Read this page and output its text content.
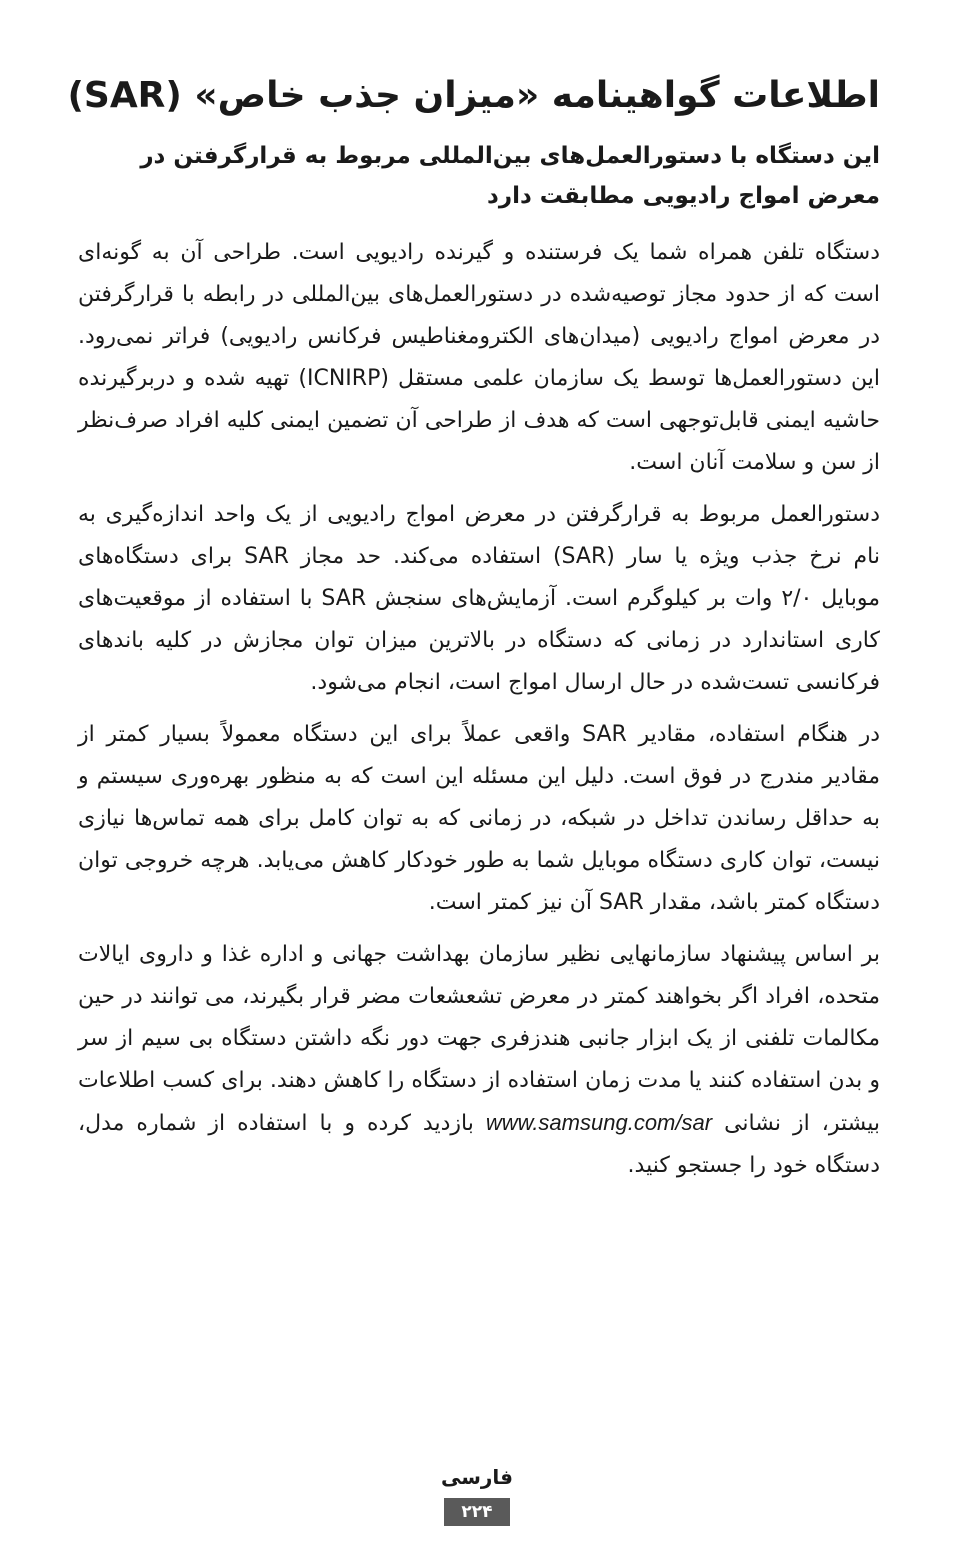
اطلاعات گواهینامه «میزان جذب خاص» (SAR)
این دستگاه با دستورالعمل‌های بین‌المللی مربوط به قرارگرفتن در معرض امواج رادیویی مطابقت دارد

دستگاه تلفن همراه شما یک فرستنده و گیرنده رادیویی است. طراحی آن به گونه‌ای است که از حدود مجاز توصیه‌شده در دستورالعمل‌های بین‌المللی در رابطه با قرارگرفتن در معرض امواج رادیویی (میدان‌های الکترومغناطیس فرکانس رادیویی) فراتر نمی‌رود. این دستورالعمل‌ها توسط یک سازمان علمی مستقل (ICNIRP) تهیه شده و دربرگیرنده حاشیه ایمنی قابل‌توجهی است که هدف از طراحی آن تضمین ایمنی کلیه افراد صرف‌نظر از سن و سلامت آنان است.

دستورالعمل مربوط به قرارگرفتن در معرض امواج رادیویی از یک واحد اندازه‌گیری به نام نرخ جذب ویژه یا سار (SAR) استفاده می‌کند. حد مجاز SAR برای دستگاه‌های موبایل ۲/۰ وات بر کیلوگرم است. آزمایش‌های سنجش SAR با استفاده از موقعیت‌های کاری استاندارد در زمانی که دستگاه در بالاترین میزان توان مجازش در کلیه باندهای فرکانسی تست‌شده در حال ارسال امواج است، انجام می‌شود.

در هنگام استفاده، مقادیر SAR واقعی عملاً برای این دستگاه معمولاً بسیار کمتر از مقادیر مندرج در فوق است. دلیل این مسئله این است که به منظور بهره‌وری سیستم و به حداقل رساندن تداخل در شبکه، در زمانی که به توان کامل برای همه تماس‌ها نیازی نیست، توان کاری دستگاه موبایل شما به طور خودکار کاهش می‌یابد. هرچه خروجی توان دستگاه کمتر باشد، مقدار SAR آن نیز کمتر است.

بر اساس پیشنهاد سازمانهایی نظیر سازمان بهداشت جهانی و اداره غذا و داروی ایالات متحده، افراد اگر بخواهند کمتر در معرض تشعشعات مضر قرار بگیرند، می توانند در حین مکالمات تلفنی از یک ابزار جانبی هندزفری جهت دور نگه داشتن دستگاه بی سیم از سر و بدن استفاده کنند یا مدت زمان استفاده از دستگاه را کاهش دهند. برای کسب اطلاعات بیشتر، از نشانی www.samsung.com/sar بازدید کرده و با استفاده از شماره مدل، دستگاه خود را جستجو کنید.

فارسی
۲۲۴
